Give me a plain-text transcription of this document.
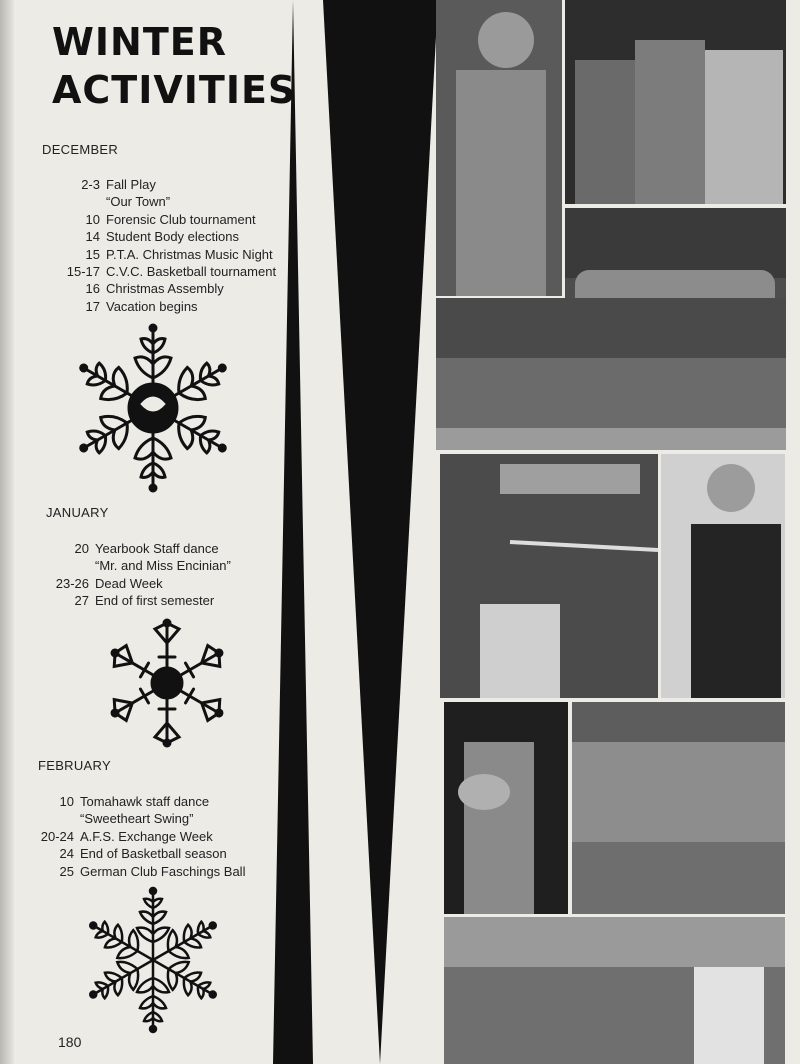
WINTER
ACTIVITIES
DECEMBER
2-3 Fall Play
“Our Town”
10 Forensic Club tournament
14 Student Body elections
15 P.T.A. Christmas Music Night
15-17 C.V.C. Basketball tournament
16 Christmas Assembly
17 Vacation begins
JANUARY
20 Yearbook Staff dance
“Mr. and Miss Encinian”
23-26 Dead Week
27 End of first semester
FEBRUARY
10 Tomahawk staff dance
“Sweetheart Swing”
20-24 A.F.S. Exchange Week
24 End of Basketball season
25 German Club Faschings Ball
180
